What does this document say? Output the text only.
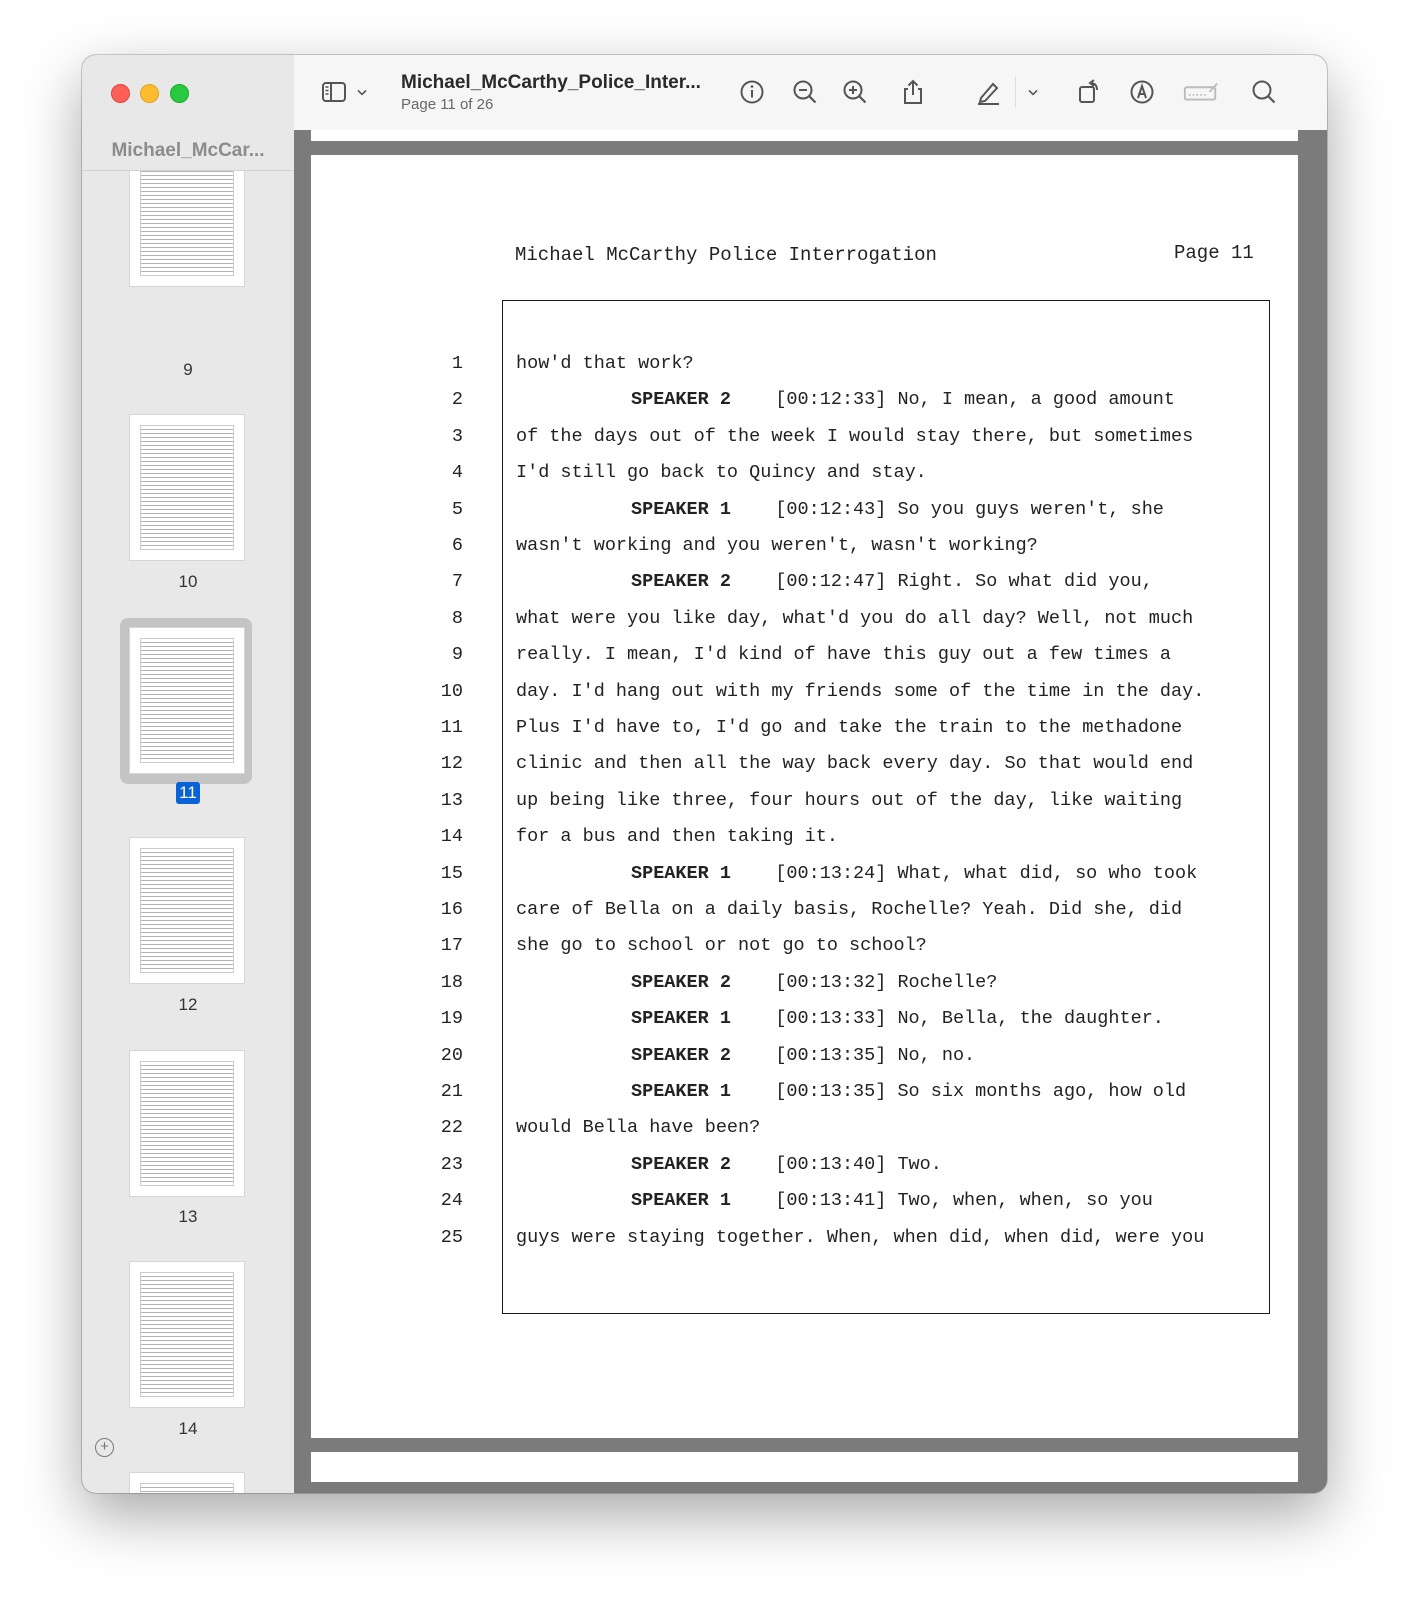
Michael_McCar...
9
10
11
12
13
14
+
Michael_McCarthy_Police_Inter...
Page 11 of 26
Michael McCarthy Police Interrogation	Page 11
1	how'd that work?
2	SPEAKER 2    [00:12:33] No, I mean, a good amount
3	of the days out of the week I would stay there, but sometimes
4	I'd still go back to Quincy and stay.
5	SPEAKER 1    [00:12:43] So you guys weren't, she
6	wasn't working and you weren't, wasn't working?
7	SPEAKER 2    [00:12:47] Right. So what did you,
8	what were you like day, what'd you do all day? Well, not much
9	really. I mean, I'd kind of have this guy out a few times a
10	day. I'd hang out with my friends some of the time in the day.
11	Plus I'd have to, I'd go and take the train to the methadone
12	clinic and then all the way back every day. So that would end
13	up being like three, four hours out of the day, like waiting
14	for a bus and then taking it.
15	SPEAKER 1    [00:13:24] What, what did, so who took
16	care of Bella on a daily basis, Rochelle? Yeah. Did she, did
17	she go to school or not go to school?
18	SPEAKER 2    [00:13:32] Rochelle?
19	SPEAKER 1    [00:13:33] No, Bella, the daughter.
20	SPEAKER 2    [00:13:35] No, no.
21	SPEAKER 1    [00:13:35] So six months ago, how old
22	would Bella have been?
23	SPEAKER 2    [00:13:40] Two.
24	SPEAKER 1    [00:13:41] Two, when, when, so you
25	guys were staying together. When, when did, when did, were you
